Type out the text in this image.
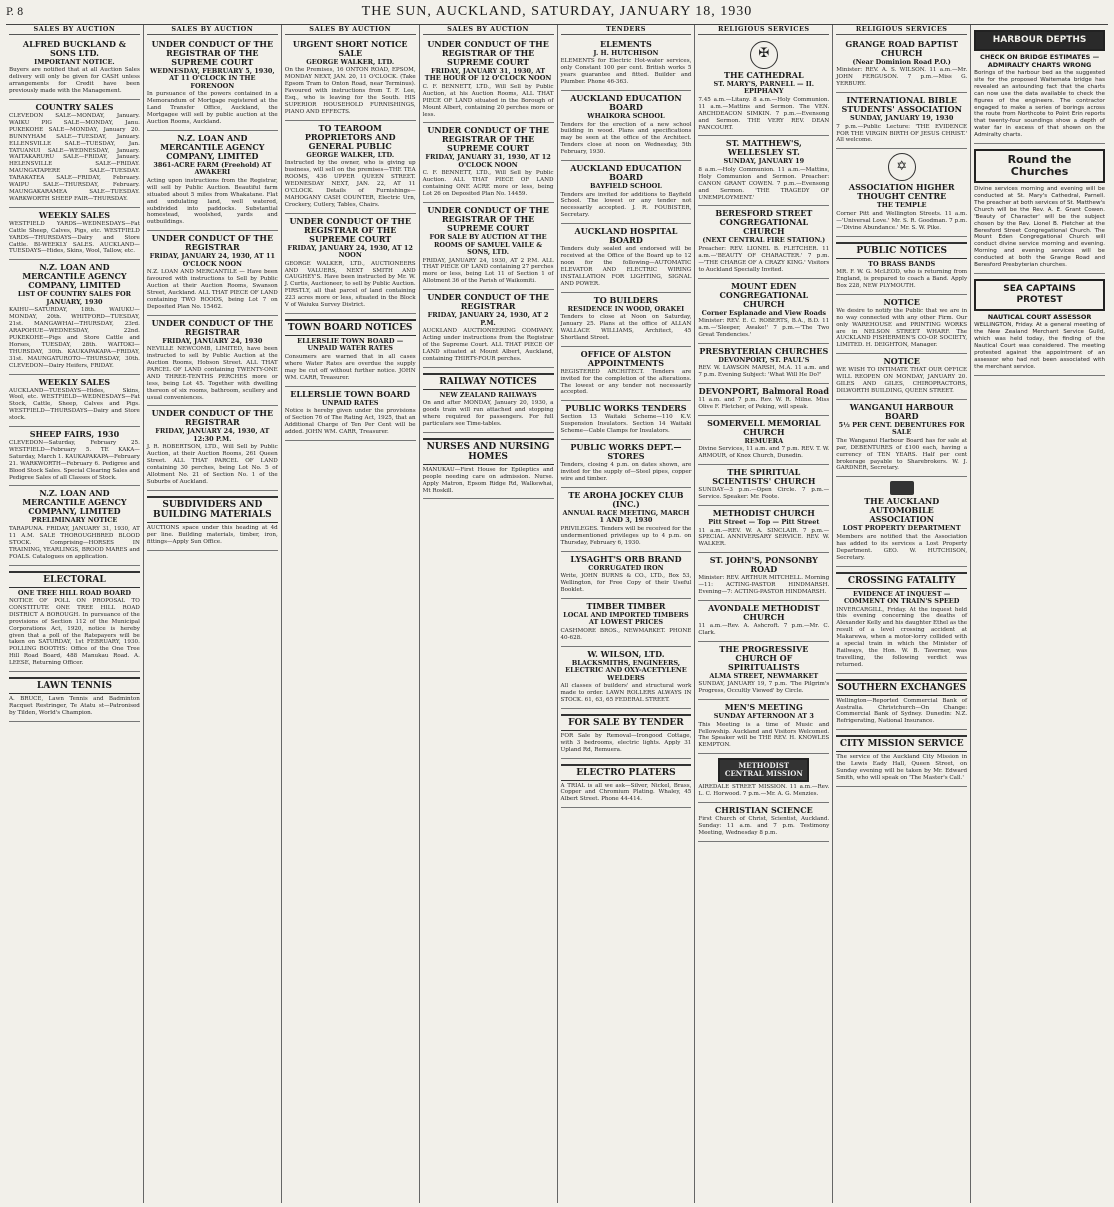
P. 8	THE SUN, AUCKLAND, SATURDAY, JANUARY 18, 1930
SALES BY AUCTION
ALFRED BUCKLAND & SONS LTD.
IMPORTANT NOTICE.

Buyers are notified that at all Auction Sales delivery will only be given for CASH unless arrangements for Credit have been previously made with the Management.

COUNTRY SALES

CLEVEDON SALE—MONDAY, January. WAIKU PIG SALE—MONDAY, Janu. PUKEKOHE SALE—MONDAY, January 20. BUNNYHAM SALE—TUESDAY, January. ELLENSVILLE SALE—TUESDAY, Jan. TATUANUI SALE—WEDNESDAY, January. WAITAKARURU SALE—FRIDAY, January. HELENSVILLE SALE—FRIDAY. MAUNGATAPERE SALE—TUESDAY. TARAKATEA SALE—FRIDAY, February. WAIPU SALE—THURSDAY, February. MAUNGAKARAMEA SALE—TUESDAY. WARKWORTH SHEEP FAIR—THURSDAY.

WEEKLY SALES

WESTFIELD YARDS—WEDNESDAYS—Fat Cattle Sheep, Calves, Pigs, etc. WESTFIELD YARDS—THURSDAYS—Dairy and Store Cattle. BI-WEEKLY SALES. AUCKLAND—TUESDAYS—Hides, Skins, Wool, Tallow, etc.

N.Z. LOAN AND MERCANTILE AGENCY COMPANY, LIMITED
LIST OF COUNTRY SALES FOR JANUARY, 1930

KAIHU—SATURDAY, 18th. WAIUKU—MONDAY, 20th. WHITFORD—TUESDAY, 21st. MANGAWHAI—THURSDAY, 23rd. ARAPOHUE—WEDNESDAY, 22nd. PUKEKOHE—Pigs and Store Cattle and Horses, TUESDAY, 28th. WAITOKI—THURSDAY, 30th. KAUKAPAKAPA—FRIDAY, 31st. MAUNGATUROTO—THURSDAY, 30th. CLEVEDON—Dairy Heifers, FRIDAY.

WEEKLY SALES

AUCKLAND—TUESDAYS—Hides, Skins, Wool, etc. WESTFIELD—WEDNESDAYS—Fat Stock, Cattle, Sheep, Calves and Pigs. WESTFIELD—THURSDAYS—Dairy and Store stock.

SHEEP FAIRS, 1930

CLEVEDON—Saturday, February 25. WESTFIELD—February 5. TE KAKA—Saturday, March 1. KAUKAPAKAPA—February 21. WARKWORTH—February 6. Pedigree and Blood Stock Sales. Special Clearing Sales and Pedigree Sales of all Classes of Stock.

N.Z. LOAN AND MERCANTILE AGENCY COMPANY, LIMITED
PRELIMINARY NOTICE

TARAPUNA. FRIDAY, JANUARY 31, 1930, AT 11 A.M. SALE THOROUGHBRED BLOOD STOCK. Comprising—HORSES IN TRAINING, YEARLINGS, BROOD MARES and FOALS. Catalogues on application.

ELECTORAL
ONE TREE HILL ROAD BOARD

NOTICE OF POLL ON PROPOSAL TO CONSTITUTE ONE TREE HILL ROAD DISTRICT A BOROUGH. In pursuance of the provisions of Section 112 of the Municipal Corporations Act, 1920, notice is hereby given that a poll of the Ratepayers will be taken on SATURDAY, 1st FEBRUARY, 1930. POLLING BOOTHS: Office of the One Tree Hill Road Board, 488 Manukau Road. A. LEESE, Returning Officer.

LAWN TENNIS

A. BRUCE, Lawn Tennis and Badminton Racquet Restringer, Te Atatu st—Patronised by Tilden, World's Champion.

SALES BY AUCTION
UNDER CONDUCT OF THE REGISTRAR OF THE SUPREME COURT
WEDNESDAY, FEBRUARY 5, 1930, AT 11 O'CLOCK IN THE FORENOON

In pursuance of the powers contained in a Memorandum of Mortgage registered at the Land Transfer Office, Auckland, the Mortgagee will sell by public auction at the Auction Rooms, Auckland.

N.Z. LOAN AND MERCANTILE AGENCY COMPANY, LIMITED
3861-ACRE FARM (Freehold) AT AWAKERI

Acting upon instructions from the Registrar, will sell by Public Auction. Beautiful farm situated about 5 miles from Whakatane. Flat and undulating land, well watered, subdivided into paddocks. Substantial homestead, woolshed, yards and outbuildings.

UNDER CONDUCT OF THE REGISTRAR
FRIDAY, JANUARY 24, 1930, AT 11 O'CLOCK NOON

N.Z. LOAN AND MERCANTILE — Have been favoured with instructions to Sell by Public Auction at their Auction Rooms, Swanson Street, Auckland. ALL THAT PIECE OF LAND containing TWO ROODS, being Lot 7 on Deposited Plan No. 15462.

UNDER CONDUCT OF THE REGISTRAR
FRIDAY, JANUARY 24, 1930

NEVILLE NEWCOMB, LIMITED, have been instructed to sell by Public Auction at the Auction Rooms, Hobson Street. ALL THAT PARCEL OF LAND containing TWENTY-ONE AND THREE-TENTHS PERCHES more or less, being Lot 45. Together with dwelling thereon of six rooms, bathroom, scullery and usual conveniences.

UNDER CONDUCT OF THE REGISTRAR
FRIDAY, JANUARY 24, 1930, AT 12:30 P.M.

J. R. ROBERTSON, LTD., Will Sell by Public Auction, at their Auction Rooms, 261 Queen Street. ALL THAT PARCEL OF LAND containing 30 perches, being Lot No. 5 of Allotment No. 21 of Section No. 1 of the Suburbs of Auckland.

SUBDIVIDERS AND BUILDING MATERIALS

AUCTIONS space under this heading at 4d per line. Building materials, timber, iron, fittings—Apply Sun Office.

SALES BY AUCTION
URGENT SHORT NOTICE SALE
GEORGE WALKER, LTD.

On the Premises, 16 ONTON ROAD, EPSOM, MONDAY NEXT, JAN. 20, 11 O'CLOCK. (Take Epsom Tram to Onton Road, near Terminus). Favoured with instructions from T. F. Lee, Esq., who is leaving for the South. HIS SUPERIOR HOUSEHOLD FURNISHINGS, PIANO AND EFFECTS.

TO TEAROOM PROPRIETORS AND GENERAL PUBLIC
GEORGE WALKER, LTD.

Instructed by the owner, who is giving up business, will sell on the premises—THE TEA ROOMS, 436 UPPER QUEEN STREET. WEDNESDAY NEXT, JAN. 22, AT 11 O'CLOCK. Details of Furnishings—MAHOGANY CASH COUNTER, Electric Urn, Crockery, Cutlery, Tables, Chairs.

UNDER CONDUCT OF THE REGISTRAR OF THE SUPREME COURT
FRIDAY, JANUARY 24, 1930, AT 12 NOON

GEORGE WALKER, LTD., AUCTIONEERS AND VALUERS, NEXT SMITH AND CAUGHEY'S. Have been instructed by Mr. W. J. Curtis, Auctioneer, to sell by Public Auction. FIRSTLY, all that parcel of land containing 223 acres more or less, situated in the Block V of Waiuku Survey District.

TOWN BOARD NOTICES
ELLERSLIE TOWN BOARD — UNPAID WATER RATES

Consumers are warned that in all cases where Water Rates are overdue the supply may be cut off without further notice. JOHN WM. CARR, Treasurer.

ELLERSLIE TOWN BOARD
UNPAID RATES

Notice is hereby given under the provisions of Section 76 of The Rating Act, 1925, that an Additional Charge of Ten Per Cent will be added. JOHN WM. CARR, Treasurer.

SALES BY AUCTION
UNDER CONDUCT OF THE REGISTRAR OF THE SUPREME COURT
FRIDAY, JANUARY 31, 1930, AT THE HOUR OF 12 O'CLOCK NOON

C. F. BENNETT, LTD., Will Sell by Public Auction, at his Auction Rooms, ALL THAT PIECE OF LAND situated in the Borough of Mount Albert, containing 20 perches more or less.

UNDER CONDUCT OF THE REGISTRAR OF THE SUPREME COURT
FRIDAY, JANUARY 31, 1930, AT 12 O'CLOCK NOON

C. F. BENNETT, LTD., Will Sell by Public Auction. ALL THAT PIECE OF LAND containing ONE ACRE more or less, being Lot 26 on Deposited Plan No. 14459.

UNDER CONDUCT OF THE REGISTRAR OF THE SUPREME COURT
FOR SALE BY AUCTION AT THE ROOMS OF SAMUEL VAILE & SONS, LTD.

FRIDAY, JANUARY 24, 1930, AT 2 P.M. ALL THAT PIECE OF LAND containing 27 perches more or less, being Lot 11 of Section 1 of Allotment 36 of the Parish of Waikomiti.

UNDER CONDUCT OF THE REGISTRAR
FRIDAY, JANUARY 24, 1930, AT 2 P.M.

AUCKLAND AUCTIONEERING COMPANY. Acting under instructions from the Registrar of the Supreme Court. ALL THAT PIECE OF LAND situated at Mount Albert, Auckland, containing THIRTY-FOUR perches.

RAILWAY NOTICES
NEW ZEALAND RAILWAYS

On and after MONDAY, January 20, 1930, a goods train will run attached and stopping where required for passengers. For full particulars see Time-tables.

NURSES AND NURSING HOMES

MANUKAU—First House for Epileptics and people needing care on admission. Nurse. Apply Matron, Epsom Ridge Rd, Walkewhai, Mt Roskill.

TENDERS
ELEMENTS
J. H. HUTCHISON

ELEMENTS for Electric Hot-water services, only Constant 100 per cent. British works 5 years guarantee and fitted. Builder and Plumber. Phone 46-363.

AUCKLAND EDUCATION BOARD
WHAIKORA SCHOOL

Tenders for the erection of a new school building in wood. Plans and specifications may be seen at the office of the Architect. Tenders close at noon on Wednesday, 5th February, 1930.

AUCKLAND EDUCATION BOARD
BAYFIELD SCHOOL

Tenders are invited for additions to Bayfield School. The lowest or any tender not necessarily accepted. J. R. FOUBISTER, Secretary.

AUCKLAND HOSPITAL BOARD

Tenders duly sealed and endorsed will be received at the Office of the Board up to 12 noon for the following—AUTOMATIC ELEVATOR AND ELECTRIC WIRING INSTALLATION FOR LIGHTING, SIGNAL AND POWER.

TO BUILDERS
RESIDENCE IN WOOD, ORAKEI

Tenders to close at Noon on Saturday, January 25. Plans at the office of ALLAN WALLACE WILLIAMS, Architect, 45 Shortland Street.

OFFICE OF ALSTON APPOINTMENTS

REGISTERED ARCHITECT. Tenders are invited for the completion of the alterations. The lowest or any tender not necessarily accepted.

PUBLIC WORKS TENDERS

Section 13 Waitaki Scheme—110 K.V. Suspension Insulators. Section 14 Waitaki Scheme—Cable Clamps for Insulators.

PUBLIC WORKS DEPT.—STORES

Tenders, closing 4 p.m. on dates shown, are invited for the supply of—Steel pipes, copper wire and timber.

TE AROHA JOCKEY CLUB (INC.)
ANNUAL RACE MEETING, MARCH 1 AND 3, 1930

PRIVILEGES. Tenders will be received for the undermentioned privileges up to 4 p.m. on Thursday, February 6, 1930.

LYSAGHT'S ORB BRAND
CORRUGATED IRON

Write, JOHN BURNS & CO., LTD., Box 53, Wellington, for Free Copy of their Useful Booklet.

TIMBER TIMBER
LOCAL AND IMPORTED TIMBERS AT LOWEST PRICES

CASHMORE BROS., NEWMARKET. PHONE 40-628.

W. WILSON, LTD.
BLACKSMITHS, ENGINEERS, ELECTRIC AND OXY-ACETYLENE WELDERS

All classes of builders' and structural work made to order. LAWN ROLLERS ALWAYS IN STOCK. 61, 63, 65 FEDERAL STREET.

FOR SALE BY TENDER

FOR Sale by Removal—Irongood Cottage, with 3 bedrooms, electric lights. Apply 31 Upland Rd, Remuera.

ELECTRO PLATERS

A TRIAL is all we ask—Silver, Nickel, Brass, Copper and Chromium Plating. Whaley, 45 Albert Street. Phone 44-414.

RELIGIOUS SERVICES
✠
THE CATHEDRAL
ST. MARY'S, PARNELL — II. EPIPHANY

7.45 a.m.—Litany. 8 a.m.—Holy Communion. 11 a.m.—Mattins and Sermon. The VEN. ARCHDEACON SIMKIN. 7 p.m.—Evensong and Sermon. THE VERY REV. DEAN FANCOURT.

ST. MATTHEW'S, WELLESLEY ST.
SUNDAY, JANUARY 19

8 a.m.—Holy Communion. 11 a.m.—Mattins, Holy Communion and Sermon. Preacher: CANON GRANT COWEN. 7 p.m.—Evensong and Sermon. 'THE TRAGEDY OF UNEMPLOYMENT.'

BERESFORD STREET CONGREGATIONAL CHURCH
(NEXT CENTRAL FIRE STATION.)

Preacher: REV. LIONEL B. FLETCHER. 11 a.m.—'BEAUTY OF CHARACTER.' 7 p.m.—'THE CHARGE OF A CRAZY KING.' Visitors to Auckland Specially Invited.

MOUNT EDEN CONGREGATIONAL CHURCH
Corner Esplanade and View Roads

Minister: REV. E. C. ROBERTS, B.A., B.D. 11 a.m.—'Sleeper, Awake!' 7 p.m.—'The Two Great Tendencies.'

PRESBYTERIAN CHURCHES
DEVONPORT, ST. PAUL'S

REV. W. LAWSON MARSH, M.A. 11 a.m. and 7 p.m. Evening Subject: 'What Will He Do?'

DEVONPORT, Balmoral Road

11 a.m. and 7 p.m. Rev. W. R. Milne. Miss Olive F. Fletcher, of Peking, will speak.

SOMERVELL MEMORIAL CHURCH
REMUERA

Divine Services, 11 a.m. and 7 p.m. REV. T. W. ARMOUR, of Knox Church, Dunedin.

THE SPIRITUAL SCIENTISTS' CHURCH

SUNDAY—3 p.m.—Open Circle. 7 p.m.—Service. Speaker: Mr. Foote.

METHODIST CHURCH
Pitt Street — Top — Pitt Street

11 a.m.—REV. W. A. SINCLAIR. 7 p.m.—SPECIAL ANNIVERSARY SERVICE. REV. W. WALKER.

ST. JOHN'S, PONSONBY ROAD

Minister: REV. ARTHUR MITCHELL. Morning—11: ACTING-PASTOR HINDMARSH. Evening—7: ACTING-PASTOR HINDMARSH.

AVONDALE METHODIST CHURCH

11 a.m.—Rev. A. Ashcroft. 7 p.m.—Mr. C. Clark.

THE PROGRESSIVE CHURCH OF SPIRITUALISTS
ALMA STREET, NEWMARKET

SUNDAY, JANUARY 19, 7 p.m. 'The Pilgrim's Progress, Occultly Viewed' by Circle.

MEN'S MEETING
SUNDAY AFTERNOON AT 3

This Meeting is a time of Music and Fellowship. Auckland and Visitors Welcomed. The Speaker will be THE REV. H. KNOWLES KEMPTON.

METHODIST CENTRAL MISSION

AIREDALE STREET MISSION. 11 a.m.—Rev. L. C. Horwood. 7 p.m.—Mr. A. G. Menzies.

CHRISTIAN SCIENCE

First Church of Christ, Scientist, Auckland. Sunday: 11 a.m. and 7 p.m. Testimony Meeting, Wednesday 8 p.m.

RELIGIOUS SERVICES
GRANGE ROAD BAPTIST CHURCH
(Near Dominion Road P.O.)

Minister: REV. A. S. WILSON. 11 a.m.—Mr. JOHN FERGUSON. 7 p.m.—Miss G. YERBURY.

INTERNATIONAL BIBLE STUDENTS' ASSOCIATION
SUNDAY, JANUARY 19, 1930

7 p.m.—Public Lecture: 'THE EVIDENCE FOR THE VIRGIN BIRTH OF JESUS CHRIST.' All welcome.

✡
ASSOCIATION HIGHER THOUGHT CENTRE
THE TEMPLE

Corner Pitt and Wellington Streets. 11 a.m.—'Universal Love.' Mr. S. R. Goodman. 7 p.m.—'Divine Abundance.' Mr. S. W. Pike.

PUBLIC NOTICES
TO BRASS BANDS

MR. F. W. G. McLEOD, who is returning from England, is prepared to coach a Band. Apply Box 228, NEW PLYMOUTH.

NOTICE

We desire to notify the Public that we are in no way connected with any other Firm. Our only WAREHOUSE and PRINTING WORKS are in NELSON STREET WHARF. The AUCKLAND FISHERMEN'S CO-OP. SOCIETY, LIMITED. H. DEIGHTON, Manager.

NOTICE

WE WISH TO INTIMATE THAT OUR OFFICE WILL REOPEN ON MONDAY, JANUARY 20. GILES AND GILES, CHIROPRACTORS, DILWORTH BUILDING, QUEEN STREET.

WANGANUI HARBOUR BOARD
5½ PER CENT. DEBENTURES FOR SALE

The Wanganui Harbour Board has for sale at par, DEBENTURES of £100 each, having a currency of TEN YEARS. Half per cent brokerage payable to Sharebrokers. W. J. GARDNER, Secretary.

THE AUCKLAND AUTOMOBILE ASSOCIATION
LOST PROPERTY DEPARTMENT

Members are notified that the Association has added to its services a Lost Property Department. GEO. W. HUTCHISON, Secretary.

CROSSING FATALITY
EVIDENCE AT INQUEST — COMMENT ON TRAIN'S SPEED

INVERCARGILL, Friday. At the inquest held this evening concerning the deaths of Alexander Kelly and his daughter Ethel as the result of a level crossing accident at Makarewa, when a motor-lorry collided with a special train in which the Minister of Railways, the Hon. W. B. Taverner, was travelling, the following verdict was returned.

SOUTHERN EXCHANGES

Wellington—Reported Commercial Bank of Australia. Christchurch—On Change: Commercial Bank of Sydney. Dunedin: N.Z. Refrigerating, National Insurance.

CITY MISSION SERVICE

The service of the Auckland City Mission in the Lewis Eady Hall, Queen Street, on Sunday evening will be taken by Mr. Edward Smith, who will speak on 'The Master's Call.'

HARBOUR DEPTHS
CHECK ON BRIDGE ESTIMATES — ADMIRALTY CHARTS WRONG

Borings of the harbour bed as the suggested site for the proposed Waitemata bridge has revealed an astounding fact that the charts can now use the data available to check the figures of the engineers. The contractor engaged to make a series of borings across the route from Northcote to Point Erin reports that twenty-four soundings show a depth of water far in excess of that shown on the Admiralty charts.

Round the Churches

Divine services morning and evening will be conducted at St. Mary's Cathedral, Parnell. The preacher at both services of St. Matthew's Church will be the Rev. A. E. Grant Cowen. 'Beauty of Character' will be the subject chosen by the Rev. Lionel B. Fletcher at the Beresford Street Congregational Church. The Mount Eden Congregational Church will conduct divine service morning and evening. Morning and evening services will be conducted at both the Grange Road and Beresford Presbyterian churches.

SEA CAPTAINS PROTEST
NAUTICAL COURT ASSESSOR

WELLINGTON, Friday. At a general meeting of the New Zealand Merchant Service Guild, which was held today, the finding of the Nautical Court was considered. The meeting protested against the appointment of an assessor who had not been associated with the merchant service.
